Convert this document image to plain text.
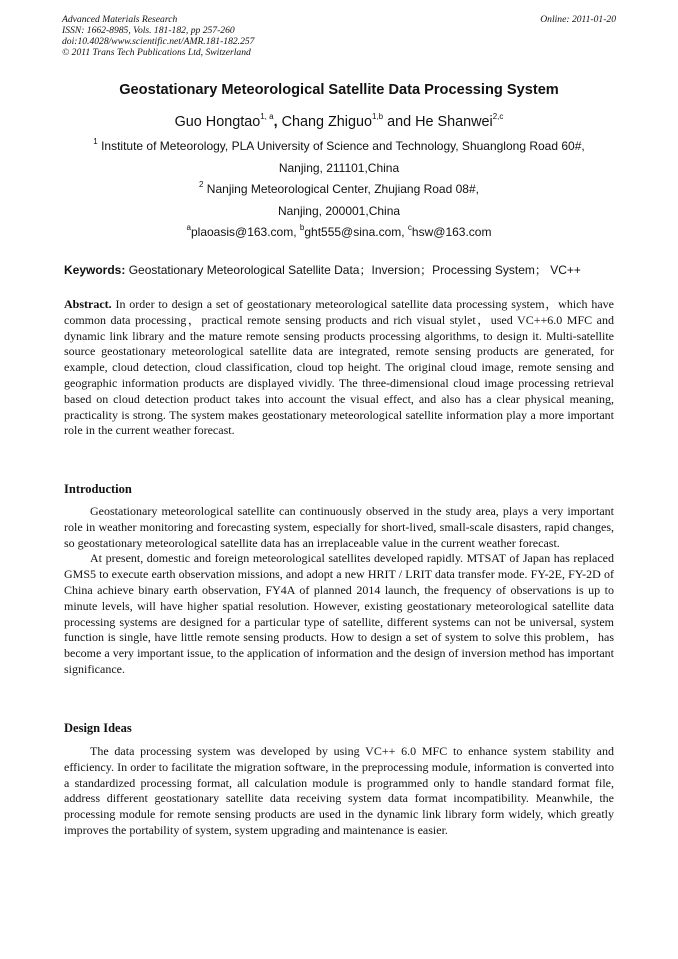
Advanced Materials Research
ISSN: 1662-8985, Vols. 181-182, pp 257-260
doi:10.4028/www.scientific.net/AMR.181-182.257
© 2011 Trans Tech Publications Ltd, Switzerland
Online: 2011-01-20
Geostationary Meteorological Satellite Data Processing System
Guo Hongtao$^{1, a}$, Chang Zhiguo$^{1,b}$ and He Shanwei$^{2,c}$
$^1$ Institute of Meteorology, PLA University of Science and Technology, Shuanglong Road 60#,
Nanjing, 211101,China
$^2$ Nanjing Meteorological Center, Zhujiang Road 08#,
Nanjing, 200001,China
$^a$plaoasis@163.com, $^b$ght555@sina.com, $^c$hsw@163.com
Keywords: Geostationary Meteorological Satellite Data；Inversion；Processing System； VC++

Abstract. In order to design a set of geostationary meteorological satellite data processing system，which have common data processing，practical remote sensing products and rich visual stylet，used VC++6.0 MFC and dynamic link library and the mature remote sensing products processing algorithms, to design it. Multi-satellite source geostationary meteorological satellite data are integrated, remote sensing products are generated, for example, cloud detection, cloud classification, cloud top height. The original cloud image, remote sensing and geographic information products are displayed vividly. The three-dimensional cloud image processing retrieval based on cloud detection product takes into account the visual effect, and also has a clear physical meaning, practicality is strong. The system makes geostationary meteorological satellite information play a more important role in the current weather forecast.

Introduction

Geostationary meteorological satellite can continuously observed in the study area, plays a very important role in weather monitoring and forecasting system, especially for short-lived, small-scale disasters, rapid changes, so geostationary meteorological satellite data has an irreplaceable value in the current weather forecast.

At present, domestic and foreign meteorological satellites developed rapidly. MTSAT of Japan has replaced GMS5 to execute earth observation missions, and adopt a new HRIT / LRIT data transfer mode. FY-2E, FY-2D of China achieve binary earth observation, FY4A of planned 2014 launch, the frequency of observations is up to minute levels, will have higher spatial resolution. However, existing geostationary meteorological satellite data processing systems are designed for a particular type of satellite, different systems can not be universal, system function is single, have little remote sensing products. How to design a set of system to solve this problem，has become a very important issue, to the application of information and the design of inversion method has important significance.

Design Ideas

The data processing system was developed by using VC++ 6.0 MFC to enhance system stability and efficiency. In order to facilitate the migration software, in the preprocessing module, information is converted into a standardized processing format, all calculation module is programmed only to handle standard format file, address different geostationary satellite data receiving system data format incompatibility. Meanwhile, the processing module for remote sensing products are used in the dynamic link library form widely, which greatly improves the portability of system, system upgrading and maintenance is easier.
